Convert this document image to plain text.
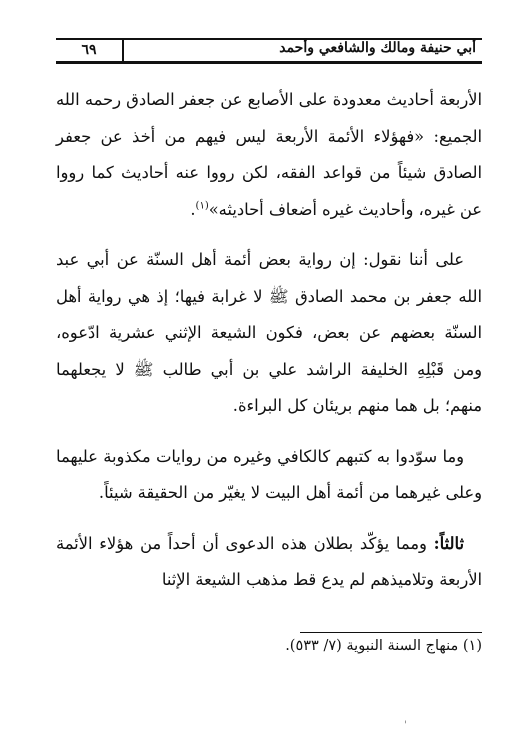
٦٩	أبي حنيفة ومالك والشافعي وأحمد

الأربعة أحاديث معدودة على الأصابع عن جعفر الصادق رحمه الله الجميع: «فهؤلاء الأئمة الأربعة ليس فيهم من أخذ عن جعفر الصادق شيئاً من قواعد الفقه، لكن رووا عنه أحاديث كما رووا عن غيره، وأحاديث غيره أضعاف أحاديثه»$^{(١)}$.

على أننا نقول: إن رواية بعض أئمة أهل السنّة عن أبي عبد الله جعفر بن محمد الصادق ﷺ لا غرابة فيها؛ إذ هي رواية أهل السنّة بعضهم عن بعض، فكون الشيعة الإثني عشرية ادّعوه، ومن قَبْلِهِ الخليفة الراشد علي بن أبي طالب ﷺ لا يجعلهما منهم؛ بل هما منهم بريئان كل البراءة.

وما سوّدوا به كتبهم كالكافي وغيره من روايات مكذوبة عليهما وعلى غيرهما من أئمة أهل البيت لا يغيّر من الحقيقة شيئاً.

ثالثاً: ومما يؤكّد بطلان هذه الدعوى أن أحداً من هؤلاء الأئمة الأربعة وتلاميذهم لم يدع قط مذهب الشيعة الإثنا

(١) منهاج السنة النبوية (٧/ ٥٣٣).
'
